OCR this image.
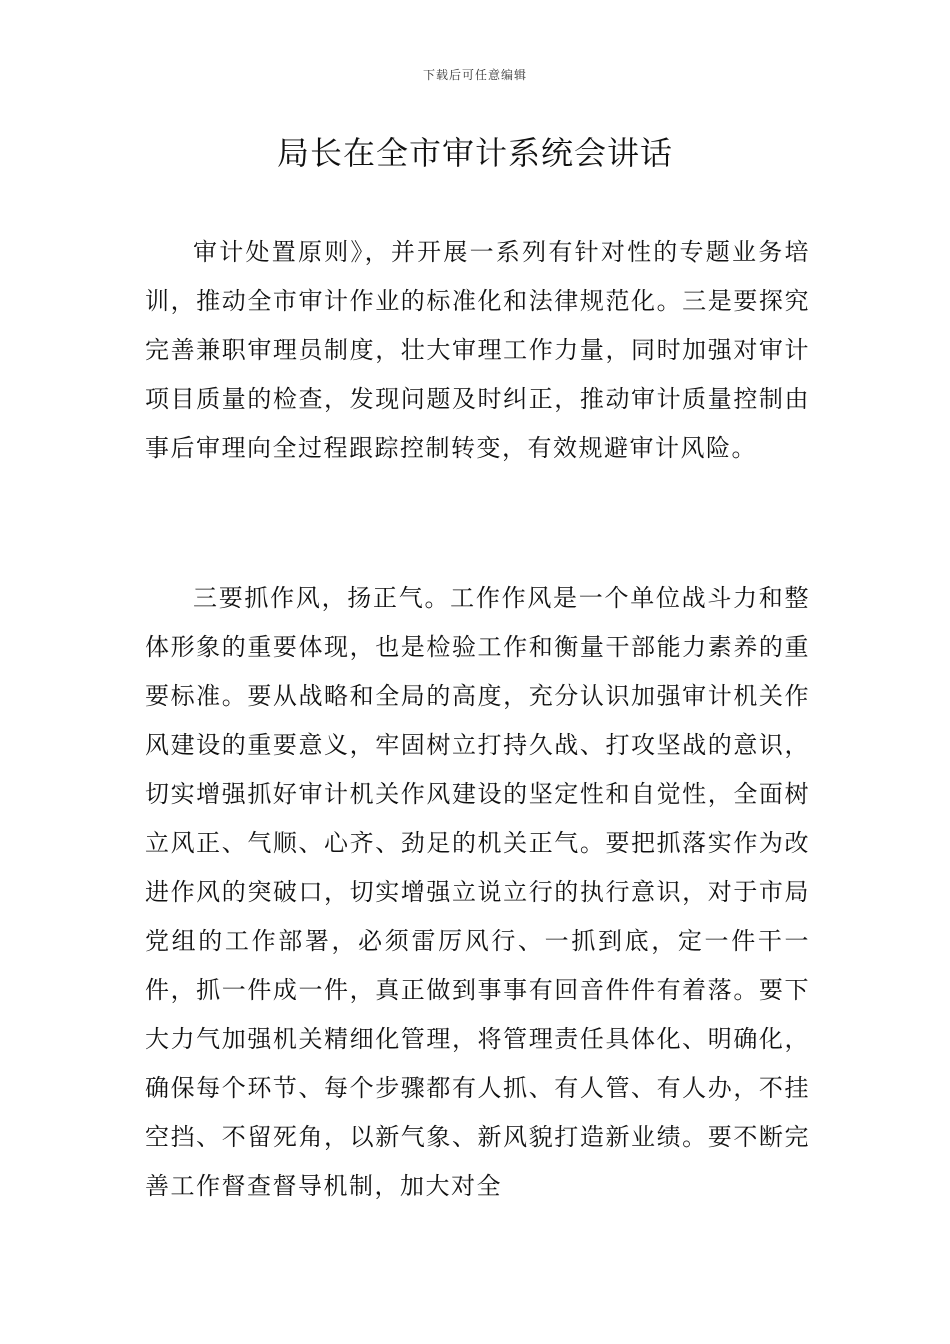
下载后可任意编辑
局长在全市审计系统会讲话

审计处置原则》，并开展一系列有针对性的专题业务培训，推动全市审计作业的标准化和法律规范化。三是要探究完善兼职审理员制度，壮大审理工作力量，同时加强对审计项目质量的检查，发现问题及时纠正，推动审计质量控制由事后审理向全过程跟踪控制转变，有效规避审计风险。

三要抓作风，扬正气。工作作风是一个单位战斗力和整体形象的重要体现，也是检验工作和衡量干部能力素养的重要标准。要从战略和全局的高度，充分认识加强审计机关作风建设的重要意义，牢固树立打持久战、打攻坚战的意识，切实增强抓好审计机关作风建设的坚定性和自觉性，全面树立风正、气顺、心齐、劲足的机关正气。要把抓落实作为改进作风的突破口，切实增强立说立行的执行意识，对于市局党组的工作部署，必须雷厉风行、一抓到底，定一件干一件，抓一件成一件，真正做到事事有回音件件有着落。要下大力气加强机关精细化管理，将管理责任具体化、明确化，确保每个环节、每个步骤都有人抓、有人管、有人办，不挂空挡、不留死角，以新气象、新风貌打造新业绩。要不断完善工作督查督导机制，加大对全
